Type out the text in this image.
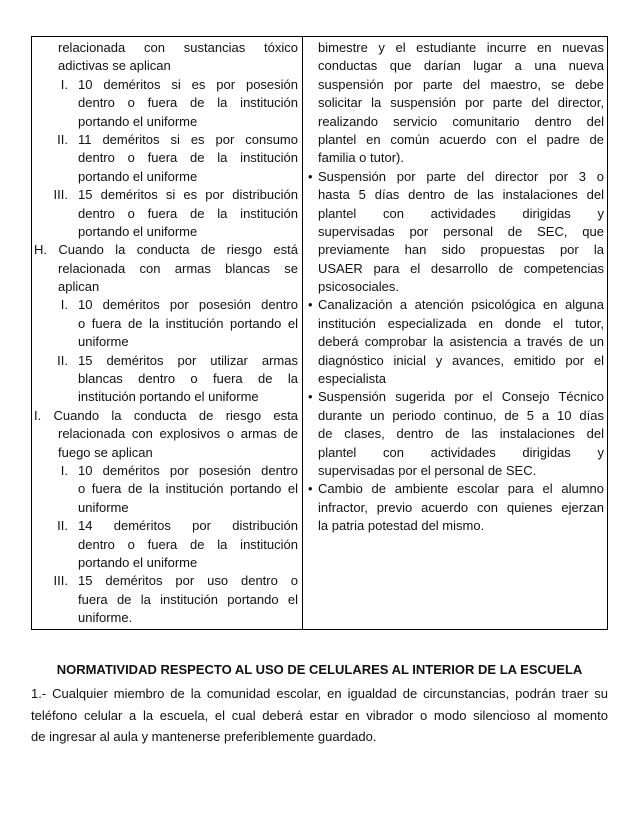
relacionada con sustancias tóxico
adictivas se aplican
I. 10 deméritos si es por posesión
dentro o fuera de la institución
portando el uniforme
II. 11 deméritos si es por consumo
dentro o fuera de la institución
portando el uniforme
III. 15 deméritos si es por distribución
dentro o fuera de la institución
portando el uniforme
H. Cuando la conducta de riesgo está
relacionada con armas blancas se
aplican
I. 10 deméritos por posesión dentro
o fuera de la institución portando el
uniforme
II. 15 deméritos por utilizar armas
blancas dentro o fuera de la
institución portando el uniforme
I. Cuando la conducta de riesgo esta
relacionada con explosivos o armas de
fuego se aplican
I. 10 deméritos por posesión dentro
o fuera de la institución portando el
uniforme
II. 14 deméritos por distribución
dentro o fuera de la institución
portando el uniforme
III. 15 deméritos por uso dentro o
fuera de la institución portando el
uniforme.
bimestre y el estudiante incurre en nuevas
conductas que darían lugar a una nueva
suspensión por parte del maestro, se debe
solicitar la suspensión por parte del director,
realizando servicio comunitario dentro del
plantel en común acuerdo con el padre de
familia o tutor).
• Suspensión por parte del director por 3 o
hasta 5 días dentro de las instalaciones del
plantel con actividades dirigidas y
supervisadas por personal de SEC, que
previamente han sido propuestas por la
USAER para el desarrollo de competencias
psicosociales.
• Canalización a atención psicológica en alguna
institución especializada en donde el tutor,
deberá comprobar la asistencia a través de un
diagnóstico inicial y avances, emitido por el
especialista
• Suspensión sugerida por el Consejo Técnico
durante un periodo continuo, de 5 a 10 días
de clases, dentro de las instalaciones del
plantel con actividades dirigidas y
supervisadas por el personal de SEC.
• Cambio de ambiente escolar para el alumno
infractor, previo acuerdo con quienes ejerzan
la patria potestad del mismo.
NORMATIVIDAD RESPECTO AL USO DE CELULARES AL INTERIOR DE LA ESCUELA
1.- Cualquier miembro de la comunidad escolar, en igualdad de circunstancias, podrán traer su
teléfono celular a la escuela, el cual deberá estar en vibrador o modo silencioso al momento
de ingresar al aula y mantenerse preferiblemente guardado.
